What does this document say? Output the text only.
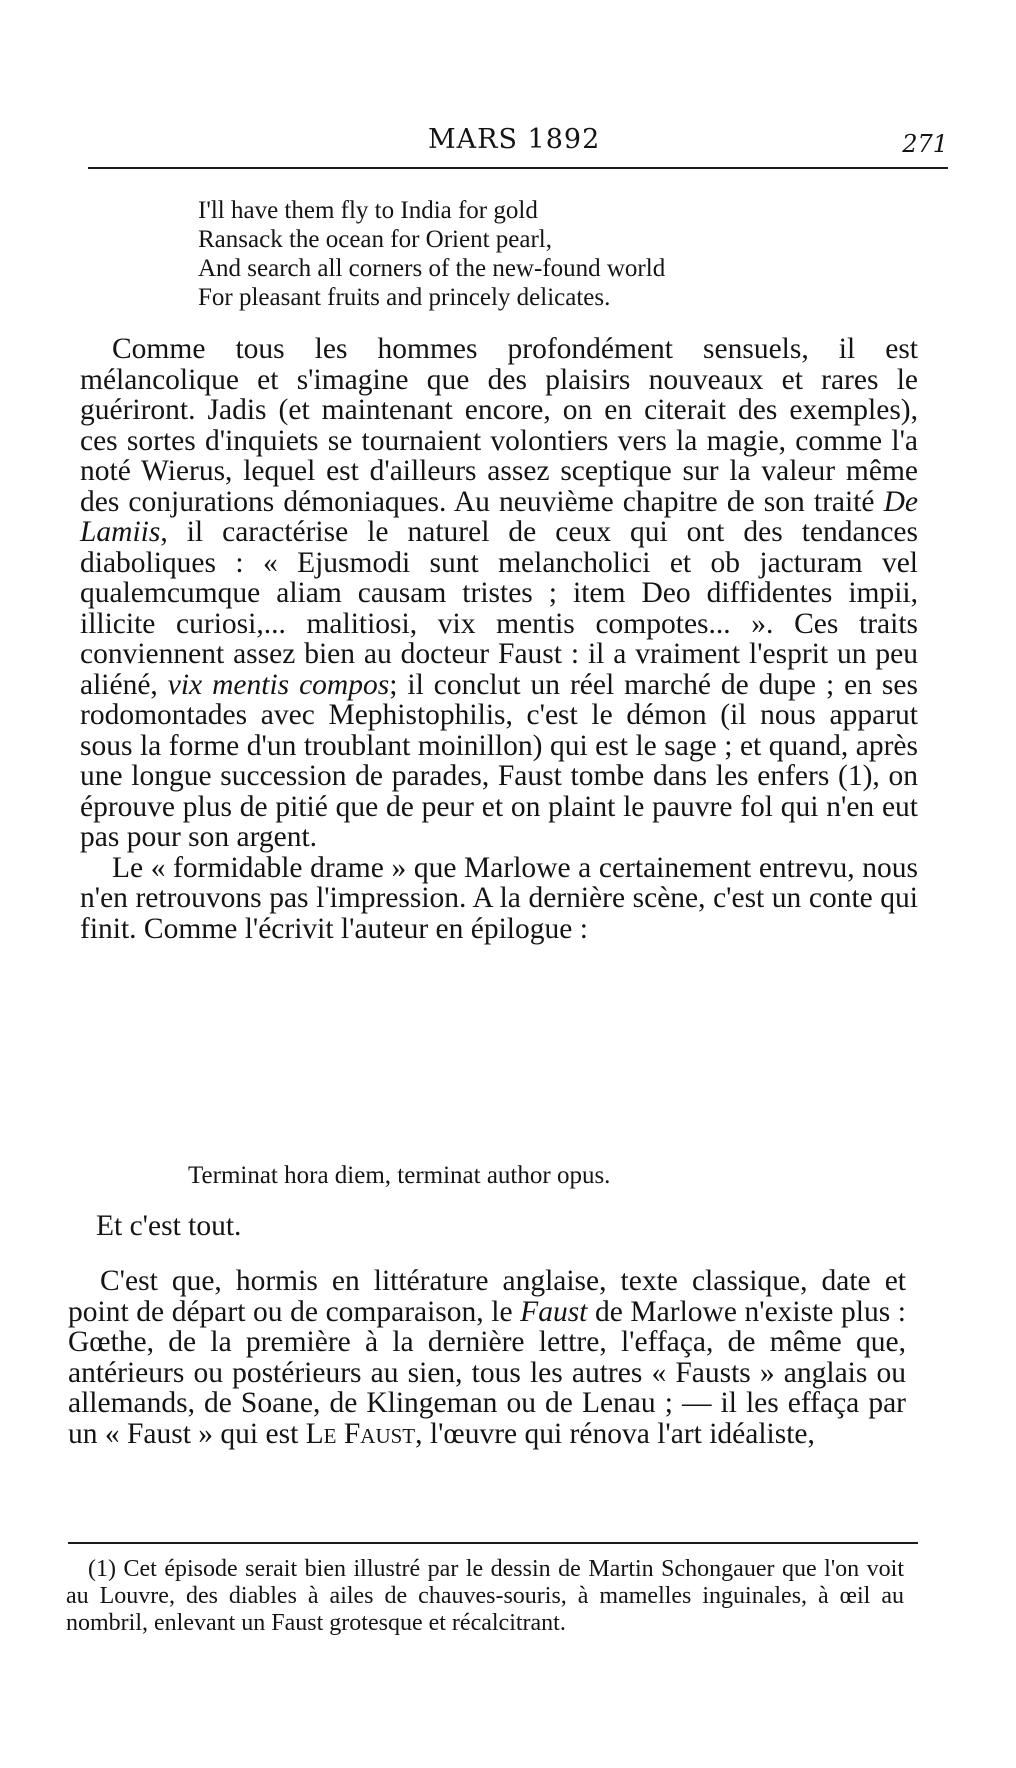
MARS 1892	271
I'll have them fly to India for gold
Ransack the ocean for Orient pearl,
And search all corners of the new-found world
For pleasant fruits and princely delicates.

Comme tous les hommes profondément sensuels, il est mélancolique et s'imagine que des plaisirs nouveaux et rares le guériront. Jadis (et maintenant encore, on en citerait des exemples), ces sortes d'inquiets se tournaient volontiers vers la magie, comme l'a noté Wierus, lequel est d'ailleurs assez sceptique sur la valeur même des conjurations démoniaques. Au neuvième chapitre de son traité De Lamiis, il caractérise le naturel de ceux qui ont des tendances diaboliques : « Ejusmodi sunt melancholici et ob jacturam vel qualemcumque aliam causam tristes ; item Deo diffidentes impii, illicite curiosi,... malitiosi, vix mentis compotes... ». Ces traits conviennent assez bien au docteur Faust : il a vraiment l'esprit un peu aliéné, vix mentis compos; il conclut un réel marché de dupe ; en ses rodomontades avec Mephistophilis, c'est le démon (il nous apparut sous la forme d'un troublant moinillon) qui est le sage ; et quand, après une longue succession de parades, Faust tombe dans les enfers (1), on éprouve plus de pitié que de peur et on plaint le pauvre fol qui n'en eut pas pour son argent.

Le « formidable drame » que Marlowe a certainement entrevu, nous n'en retrouvons pas l'impression. A la dernière scène, c'est un conte qui finit. Comme l'écrivit l'auteur en épilogue :

Terminat hora diem, terminat author opus.
Et c'est tout.

C'est que, hormis en littérature anglaise, texte classique, date et point de départ ou de comparaison, le Faust de Marlowe n'existe plus : Gœthe, de la première à la dernière lettre, l'effaça, de même que, antérieurs ou postérieurs au sien, tous les autres « Fausts » anglais ou allemands, de Soane, de Klingeman ou de Lenau ; — il les effaça par un « Faust » qui est Le Faust, l'œuvre qui rénova l'art idéaliste,

(1) Cet épisode serait bien illustré par le dessin de Martin Schongauer que l'on voit au Louvre, des diables à ailes de chauves-souris, à mamelles inguinales, à œil au nombril, enlevant un Faust grotesque et récalcitrant.
